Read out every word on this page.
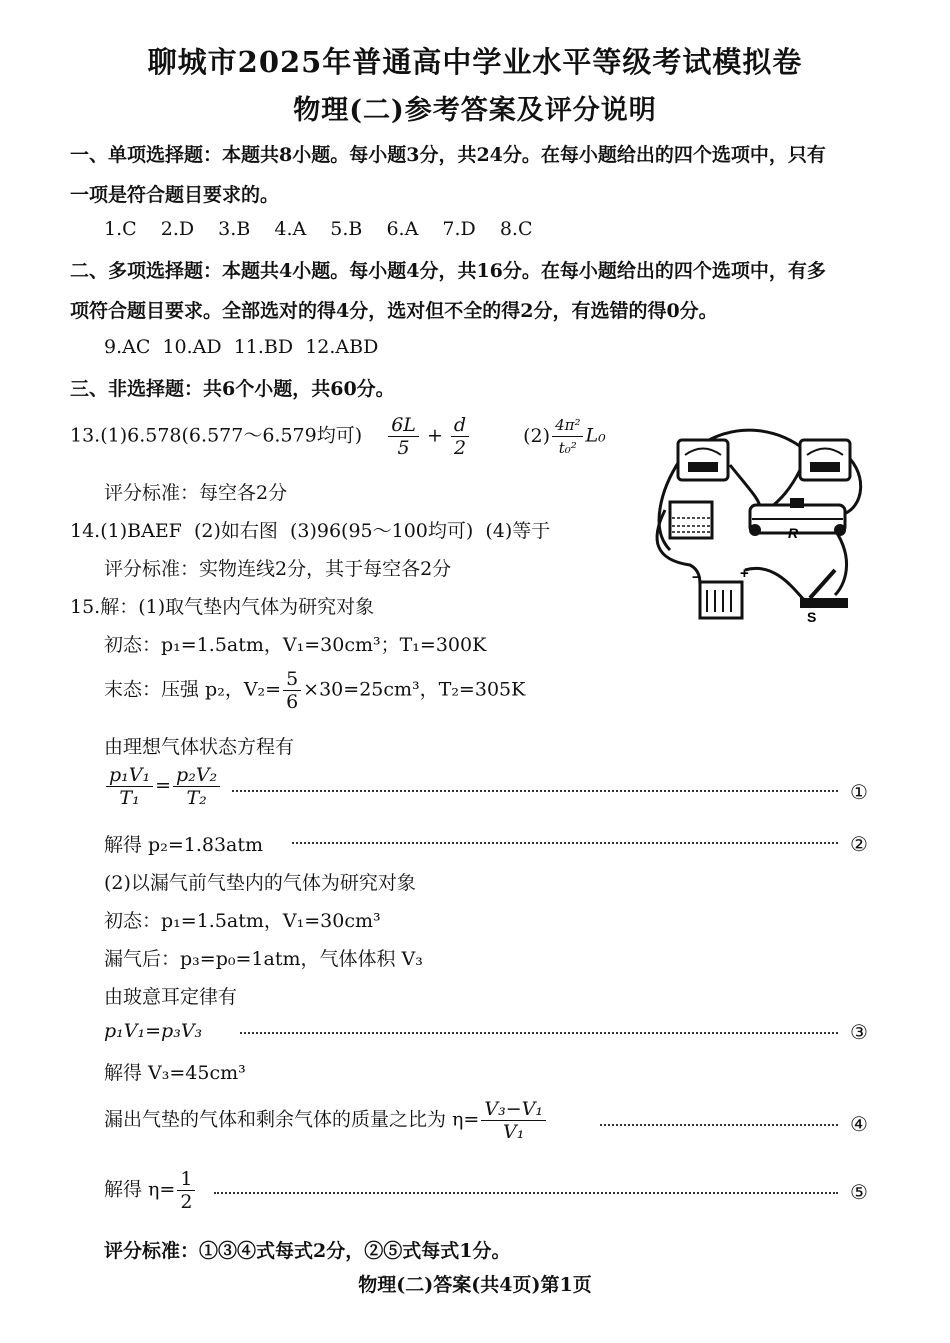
聊城市2025年普通高中学业水平等级考试模拟卷
物理(二)参考答案及评分说明
一、单项选择题：本题共8小题。每小题3分，共24分。在每小题给出的四个选项中，只有
一项是符合题目要求的。
1.C  2.D  3.B  4.A  5.B  6.A  7.D  8.C
二、多项选择题：本题共4小题。每小题4分，共16分。在每小题给出的四个选项中，有多
项符合题目要求。全部选对的得4分，选对但不全的得2分，有选错的得0分。
9.AC  10.AD  11.BD  12.ABD
三、非选择题：共6个小题，共60分。
13.(1)6.578(6.577～6.579均可) $\frac{6L}{5} + \frac{d}{2}$	$(2) \frac{\text{4π²}}{\text{t₀²}} L_0$
评分标准：每空各2分
14.(1)BAEF  (2)如右图  (3)96(95～100均可)  (4)等于
评分标准：实物连线2分，其于每空各2分
R
−	+
S
15.解：(1)取气垫内气体为研究对象
初态：p₁=1.5atm，V₁=30cm³；T₁=300K
末态：压强 p₂，$V_2= \frac{5}{6} \times 30=25cm^3$，T₂=305K
由理想气体状态方程有
$\frac{\text{p₁V₁}}{\text{T₁}} = \frac{\text{p₂V₂}}{\text{T₂}}$	①
解得 p₂=1.83atm	②
(2)以漏气前气垫内的气体为研究对象
初态：p₁=1.5atm，V₁=30cm³
漏气后：p₃=p₀=1atm，气体体积 V₃
由玻意耳定律有
p₁V₁=p₃V₃	③
解得 V₃=45cm³
漏出气垫的气体和剩余气体的质量之比为 $\eta= \frac{\text{V₃−V₁}}{\text{V₁}}$	④
解得 $\eta= \frac{1}{2}$	⑤
评分标准：①③④式每式2分，②⑤式每式1分。
物理(二)答案(共4页)第1页
